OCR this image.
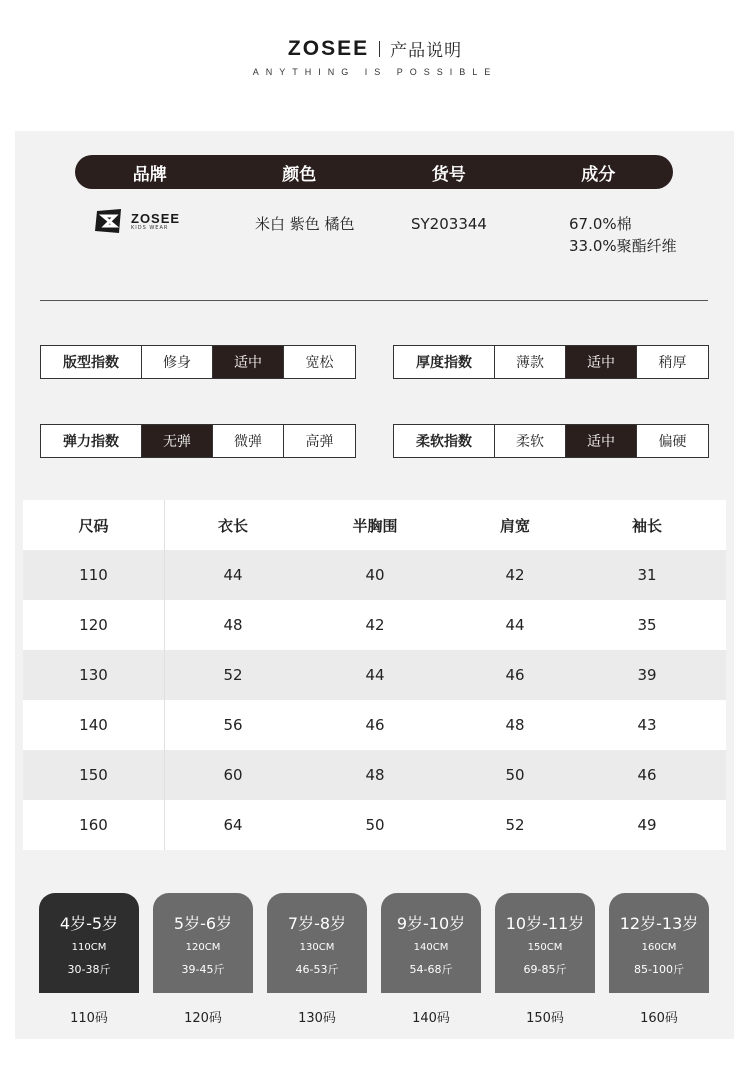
ZOSEE 产品说明
ANYTHING IS POSSIBLE
品牌	颜色	货号	成分
ZOSEE
KIDS WEAR	米白 紫色 橘色	SY203344	67.0%棉
33.0%聚酯纤维
版型指数	修身	适中	宽松	厚度指数	薄款	适中	稍厚
弹力指数	无弹	微弹	高弹	柔软指数	柔软	适中	偏硬
尺码	衣长	半胸围	肩宽	袖长
110	44	40	42	31
120	48	42	44	35
130	52	44	46	39
140	56	46	48	43
150	60	48	50	46
160	64	50	52	49
4岁-5岁
110CM
30-38斤
110码
5岁-6岁
120CM
39-45斤
120码
7岁-8岁
130CM
46-53斤
130码
9岁-10岁
140CM
54-68斤
140码
10岁-11岁
150CM
69-85斤
150码
12岁-13岁
160CM
85-100斤
160码
